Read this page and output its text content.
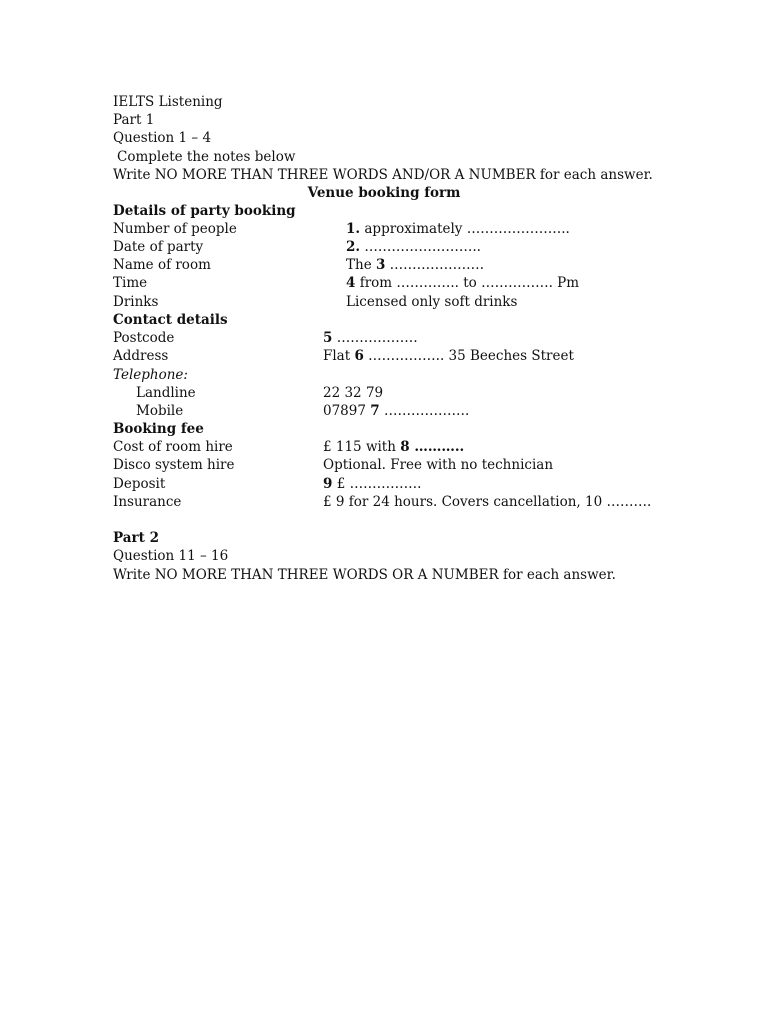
IELTS Listening
Part 1
Question 1 – 4
Complete the notes below
Write NO MORE THAN THREE WORDS AND/OR A NUMBER for each answer.
Venue booking form
Details of party booking
Number of people	1. approximately …………………..
Date of party	2. ……………………..
Name of room	The 3 …………………
Time	4 from ………….. to ……………. Pm
Drinks	Licensed only soft drinks
Contact details
Postcode	5 ………………
Address	Flat 6 …………….. 35 Beeches Street
Telephone:
Landline	22 32 79
Mobile	07897 7 ……………….
Booking fee
Cost of room hire	£ 115 with 8 ………..
Disco system hire	Optional. Free with no technician
Deposit	9 £ …………….
Insurance	£ 9 for 24 hours. Covers cancellation, 10 ……….
Part 2
Question 11 – 16
Write NO MORE THAN THREE WORDS OR A NUMBER for each answer.
